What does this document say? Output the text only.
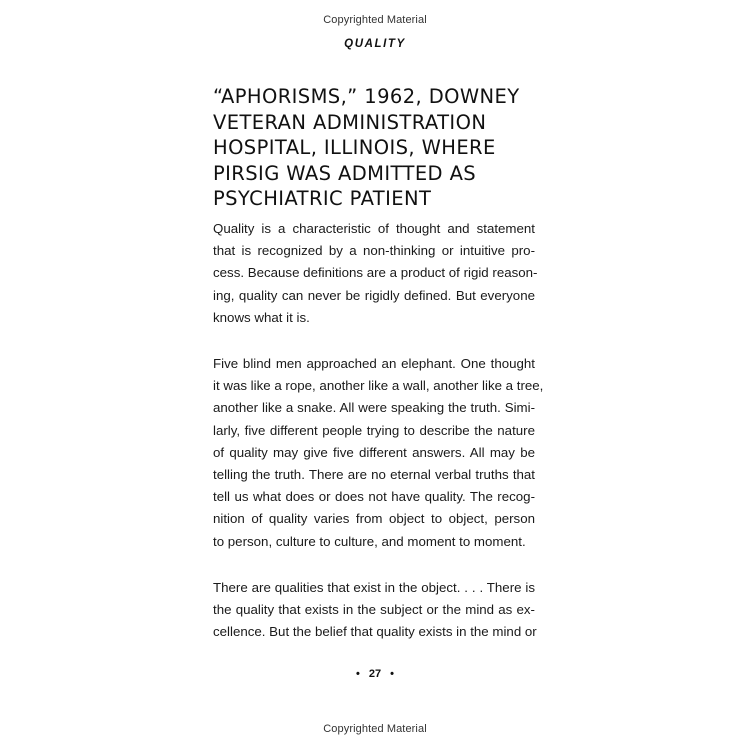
Copyrighted Material
QUALITY
“APHORISMS,” 1962, DOWNEY VETERAN ADMINISTRATION HOSPITAL, ILLINOIS, WHERE PIRSIG WAS ADMITTED AS PSYCHIATRIC PATIENT

Quality is a characteristic of thought and statement
that is recognized by a non-thinking or intuitive pro-
cess. Because definitions are a product of rigid reason-
ing, quality can never be rigidly defined. But everyone
knows what it is.

Five blind men approached an elephant. One thought
it was like a rope, another like a wall, another like a tree,
another like a snake. All were speaking the truth. Simi-
larly, five different people trying to describe the nature
of quality may give five different answers. All may be
telling the truth. There are no eternal verbal truths that
tell us what does or does not have quality. The recog-
nition of quality varies from object to object, person
to person, culture to culture, and moment to moment.

There are qualities that exist in the object. . . . There is
the quality that exists in the subject or the mind as ex-
cellence. But the belief that quality exists in the mind or

• 27 •
Copyrighted Material
